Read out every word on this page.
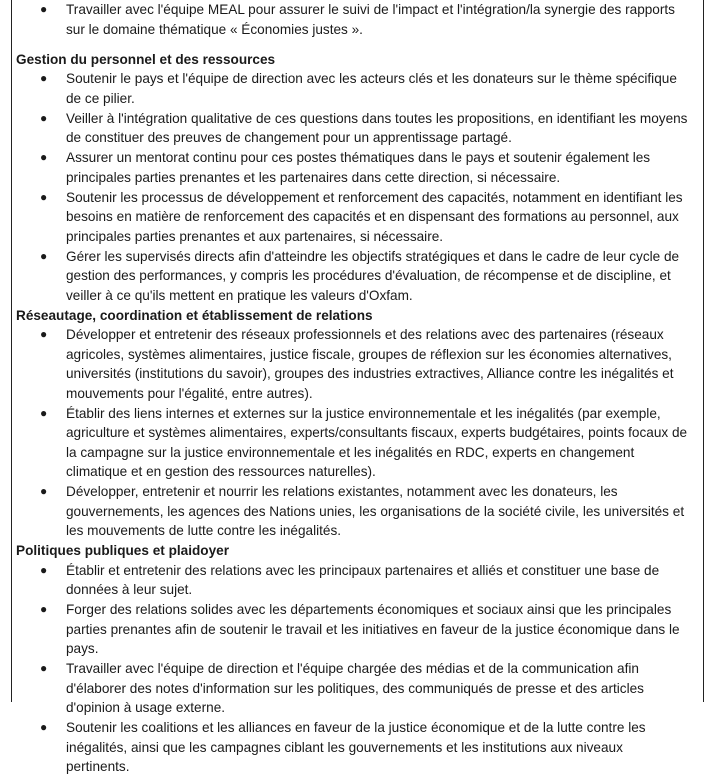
● Travailler avec l'équipe MEAL pour assurer le suivi de l'impact et l'intégration/la synergie des rapports sur le domaine thématique « Économies justes ».

Gestion du personnel et des ressources

● Soutenir le pays et l'équipe de direction avec les acteurs clés et les donateurs sur le thème spécifique de ce pilier.
● Veiller à l'intégration qualitative de ces questions dans toutes les propositions, en identifiant les moyens de constituer des preuves de changement pour un apprentissage partagé.
● Assurer un mentorat continu pour ces postes thématiques dans le pays et soutenir également les principales parties prenantes et les partenaires dans cette direction, si nécessaire.
● Soutenir les processus de développement et renforcement des capacités, notamment en identifiant les besoins en matière de renforcement des capacités et en dispensant des formations au personnel, aux principales parties prenantes et aux partenaires, si nécessaire.
● Gérer les supervisés directs afin d'atteindre les objectifs stratégiques et dans le cadre de leur cycle de gestion des performances, y compris les procédures d'évaluation, de récompense et de discipline, et veiller à ce qu'ils mettent en pratique les valeurs d'Oxfam.

Réseautage, coordination et établissement de relations

● Développer et entretenir des réseaux professionnels et des relations avec des partenaires (réseaux agricoles, systèmes alimentaires, justice fiscale, groupes de réflexion sur les économies alternatives, universités (institutions du savoir), groupes des industries extractives, Alliance contre les inégalités et mouvements pour l'égalité, entre autres).
● Établir des liens internes et externes sur la justice environnementale et les inégalités (par exemple, agriculture et systèmes alimentaires, experts/consultants fiscaux, experts budgétaires, points focaux de la campagne sur la justice environnementale et les inégalités en RDC, experts en changement climatique et en gestion des ressources naturelles).
● Développer, entretenir et nourrir les relations existantes, notamment avec les donateurs, les gouvernements, les agences des Nations unies, les organisations de la société civile, les universités et les mouvements de lutte contre les inégalités.

Politiques publiques et plaidoyer

● Établir et entretenir des relations avec les principaux partenaires et alliés et constituer une base de données à leur sujet.
● Forger des relations solides avec les départements économiques et sociaux ainsi que les principales parties prenantes afin de soutenir le travail et les initiatives en faveur de la justice économique dans le pays.
● Travailler avec l'équipe de direction et l'équipe chargée des médias et de la communication afin d'élaborer des notes d'information sur les politiques, des communiqués de presse et des articles d'opinion à usage externe.
● Soutenir les coalitions et les alliances en faveur de la justice économique et de la lutte contre les inégalités, ainsi que les campagnes ciblant les gouvernements et les institutions aux niveaux pertinents.
